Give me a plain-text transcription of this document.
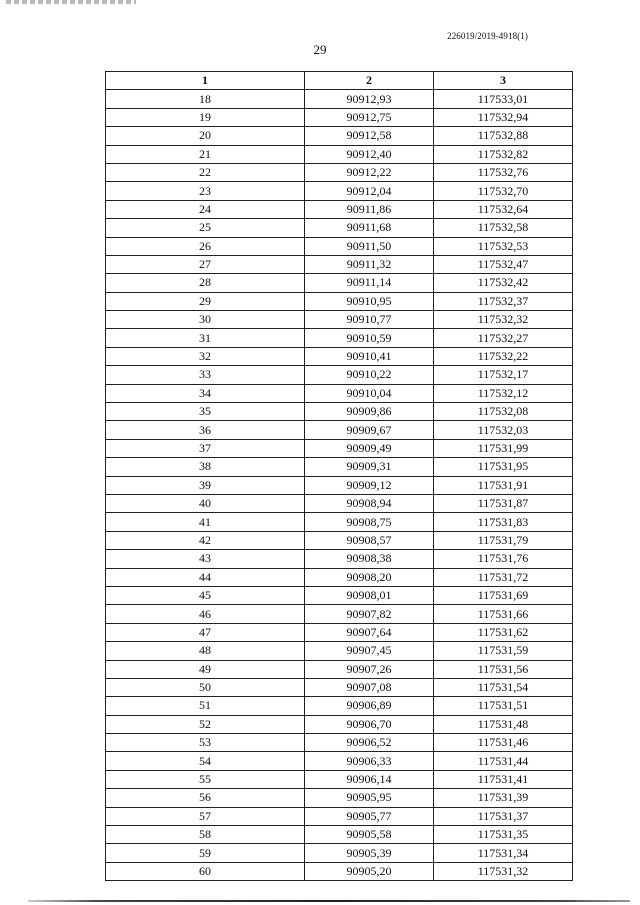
226019/2019-4918(1)
29
1	2	3
18	90912,93	117533,01
19	90912,75	117532,94
20	90912,58	117532,88
21	90912,40	117532,82
22	90912,22	117532,76
23	90912,04	117532,70
24	90911,86	117532,64
25	90911,68	117532,58
26	90911,50	117532,53
27	90911,32	117532,47
28	90911,14	117532,42
29	90910,95	117532,37
30	90910,77	117532,32
31	90910,59	117532,27
32	90910,41	117532,22
33	90910,22	117532,17
34	90910,04	117532,12
35	90909,86	117532,08
36	90909,67	117532,03
37	90909,49	117531,99
38	90909,31	117531,95
39	90909,12	117531,91
40	90908,94	117531,87
41	90908,75	117531,83
42	90908,57	117531,79
43	90908,38	117531,76
44	90908,20	117531,72
45	90908,01	117531,69
46	90907,82	117531,66
47	90907,64	117531,62
48	90907,45	117531,59
49	90907,26	117531,56
50	90907,08	117531,54
51	90906,89	117531,51
52	90906,70	117531,48
53	90906,52	117531,46
54	90906,33	117531,44
55	90906,14	117531,41
56	90905,95	117531,39
57	90905,77	117531,37
58	90905,58	117531,35
59	90905,39	117531,34
60	90905,20	117531,32
